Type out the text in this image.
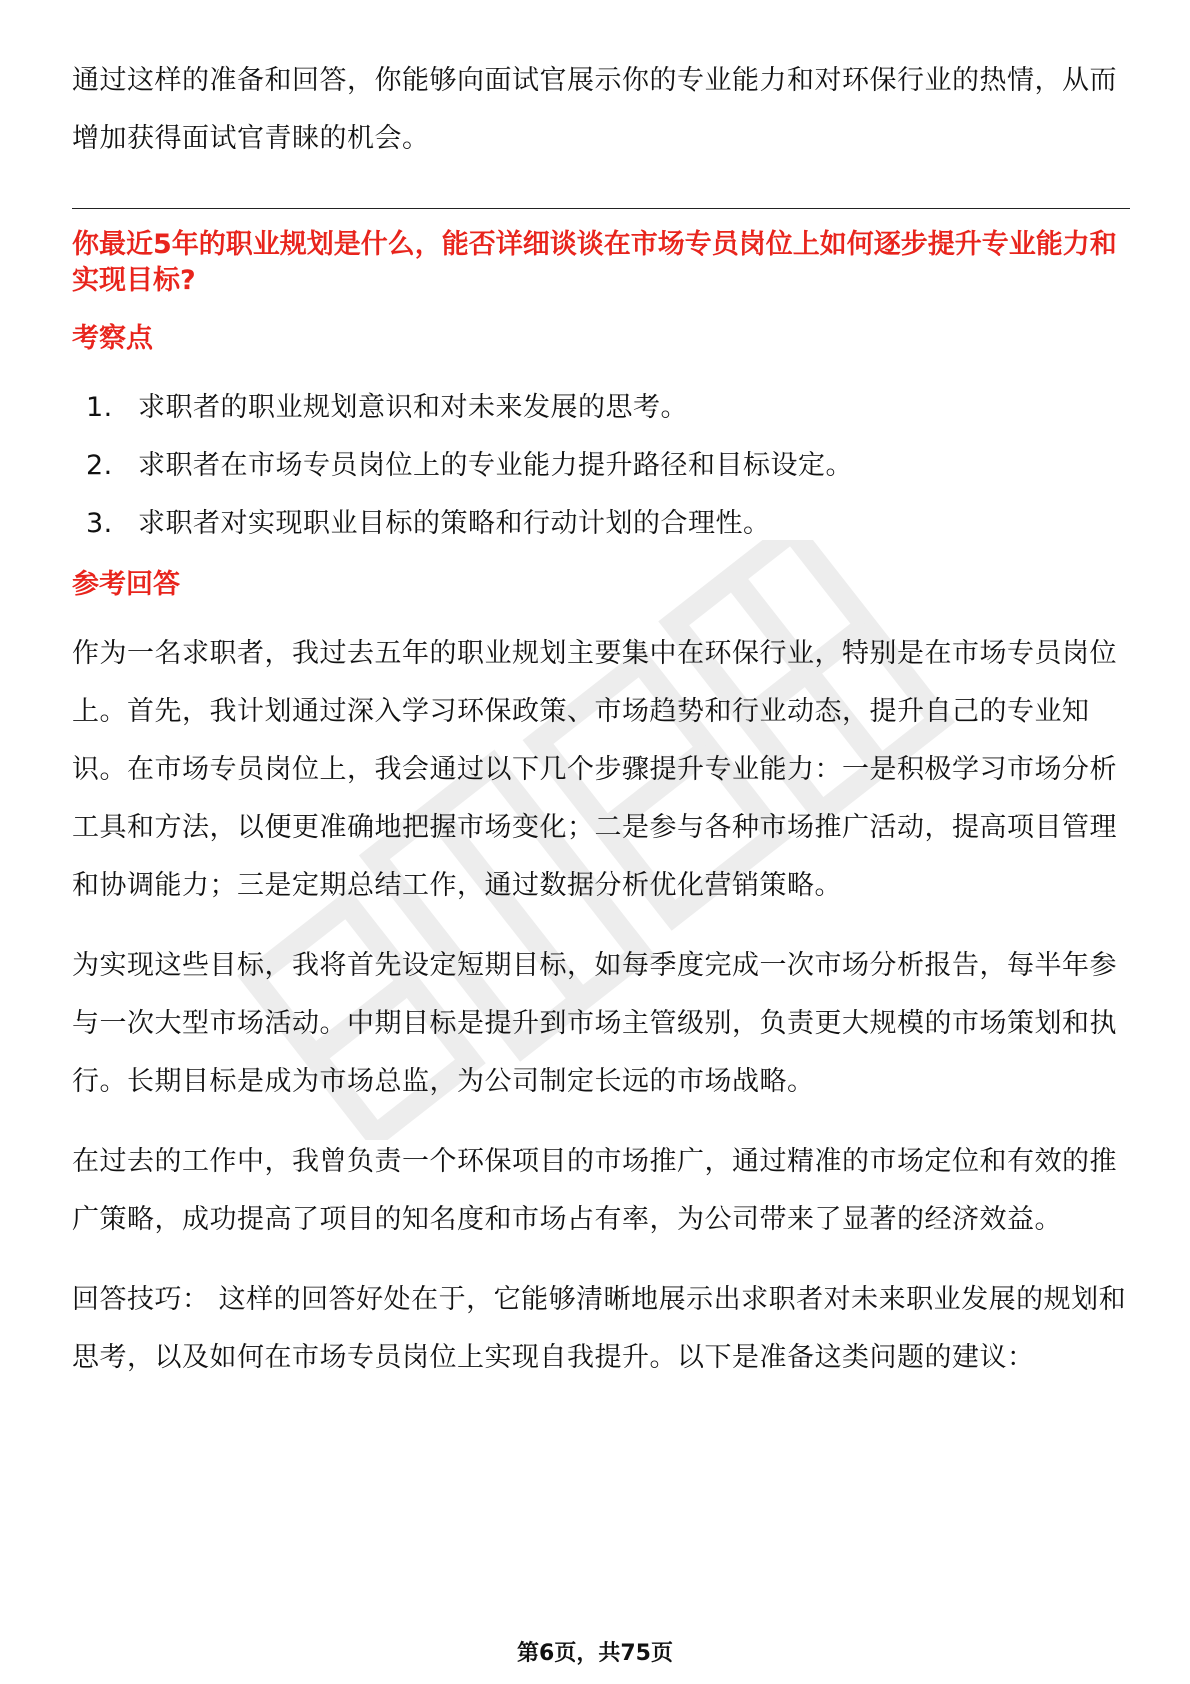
通过这样的准备和回答，你能够向面试官展示你的专业能力和对环保行业的热情，从而增加获得面试官青睐的机会。

你最近5年的职业规划是什么，能否详细谈谈在市场专员岗位上如何逐步提升专业能力和实现目标?

考察点
1. 求职者的职业规划意识和对未来发展的思考。
2. 求职者在市场专员岗位上的专业能力提升路径和目标设定。
3. 求职者对实现职业目标的策略和行动计划的合理性。
参考回答

作为一名求职者，我过去五年的职业规划主要集中在环保行业，特别是在市场专员岗位上。首先，我计划通过深入学习环保政策、市场趋势和行业动态，提升自己的专业知识。在市场专员岗位上，我会通过以下几个步骤提升专业能力：一是积极学习市场分析工具和方法，以便更准确地把握市场变化；二是参与各种市场推广活动，提高项目管理和协调能力；三是定期总结工作，通过数据分析优化营销策略。

为实现这些目标，我将首先设定短期目标，如每季度完成一次市场分析报告，每半年参与一次大型市场活动。中期目标是提升到市场主管级别，负责更大规模的市场策划和执行。长期目标是成为市场总监，为公司制定长远的市场战略。

在过去的工作中，我曾负责一个环保项目的市场推广，通过精准的市场定位和有效的推广策略，成功提高了项目的知名度和市场占有率，为公司带来了显著的经济效益。

回答技巧： 这样的回答好处在于，它能够清晰地展示出求职者对未来职业发展的规划和思考，以及如何在市场专员岗位上实现自我提升。以下是准备这类问题的建议：

第6页，共75页
